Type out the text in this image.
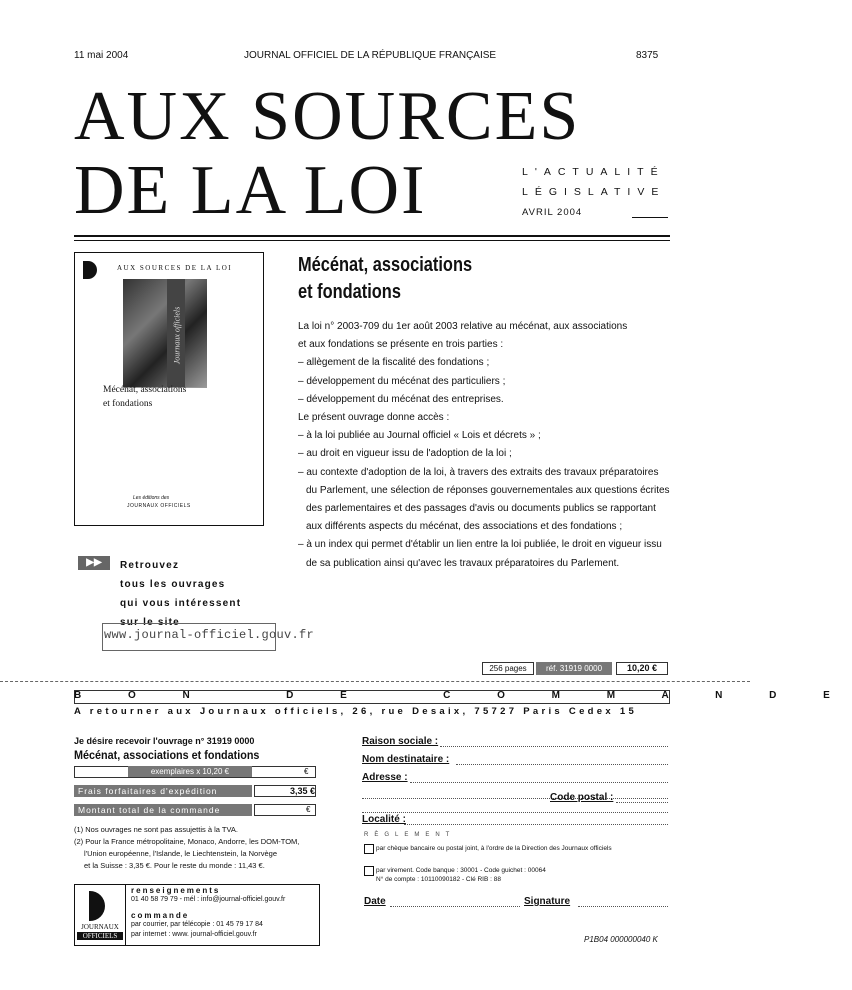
11 mai 2004	JOURNAL OFFICIEL DE LA RÉPUBLIQUE FRANÇAISE	8375
AUX SOURCES
DE LA LOI	L'ACTUALITÉ
LÉGISLATIVE
AVRIL 2004
AUX SOURCES DE LA LOI
Journaux officiels
Mécénat, associations
et fondations
Les éditions des
JOURNAUX OFFICIELS
Mécénat, associations
et fondations
La loi n° 2003-709 du 1er août 2003 relative au mécénat, aux associations
et aux fondations se présente en trois parties :
– allègement de la fiscalité des fondations ;
– développement du mécénat des particuliers ;
– développement du mécénat des entreprises.
Le présent ouvrage donne accès :
– à la loi publiée au Journal officiel « Lois et décrets » ;
– au droit en vigueur issu de l'adoption de la loi ;
– au contexte d'adoption de la loi, à travers des extraits des travaux préparatoires
du Parlement, une sélection de réponses gouvernementales aux questions écrites
des parlementaires et des passages d'avis ou documents publics se rapportant
aux différents aspects du mécénat, des associations et des fondations ;
– à un index qui permet d'établir un lien entre la loi publiée, le droit en vigueur issu
de sa publication ainsi qu'avec les travaux préparatoires du Parlement.
▶▶	Retrouvez
tous les ouvrages
qui vous intéressent
sur le site
www.journal-officiel.gouv.fr
256 pages	réf. 31919 0000	10,20 €
B O N   D E   C O M M A N D E
A retourner aux Journaux officiels, 26, rue Desaix, 75727 Paris Cedex 15
Je désire recevoir l'ouvrage n° 31919 0000
Mécénat, associations et fondations
exemplaires x 10,20 €	€
Frais forfaitaires d'expédition	3,35 €
Montant total de la commande	€
(1) Nos ouvrages ne sont pas assujettis à la TVA.
(2) Pour la France métropolitaine, Monaco, Andorre, les DOM-TOM,
l'Union européenne, l'Islande, le Liechtenstein, la Norvège
et la Suisse : 3,35 €. Pour le reste du monde : 11,43 €.
JOURNAUX
OFFICIELS
renseignements
01 40 58 79 79 - mél : info@journal-officiel.gouv.fr
commande
par courrier, par télécopie : 01 45 79 17 84
par internet : www. journal-officiel.gouv.fr
Raison sociale :
Nom destinataire :
Adresse :
Code postal :
Localité :
RÈGLEMENT
par chèque bancaire ou postal joint, à l'ordre de la Direction des Journaux officiels
par virement. Code banque : 30001 - Code guichet : 00064
N° de compte : 10110090182 - Clé RIB : 88
Date	Signature
P1B04 000000040 K
